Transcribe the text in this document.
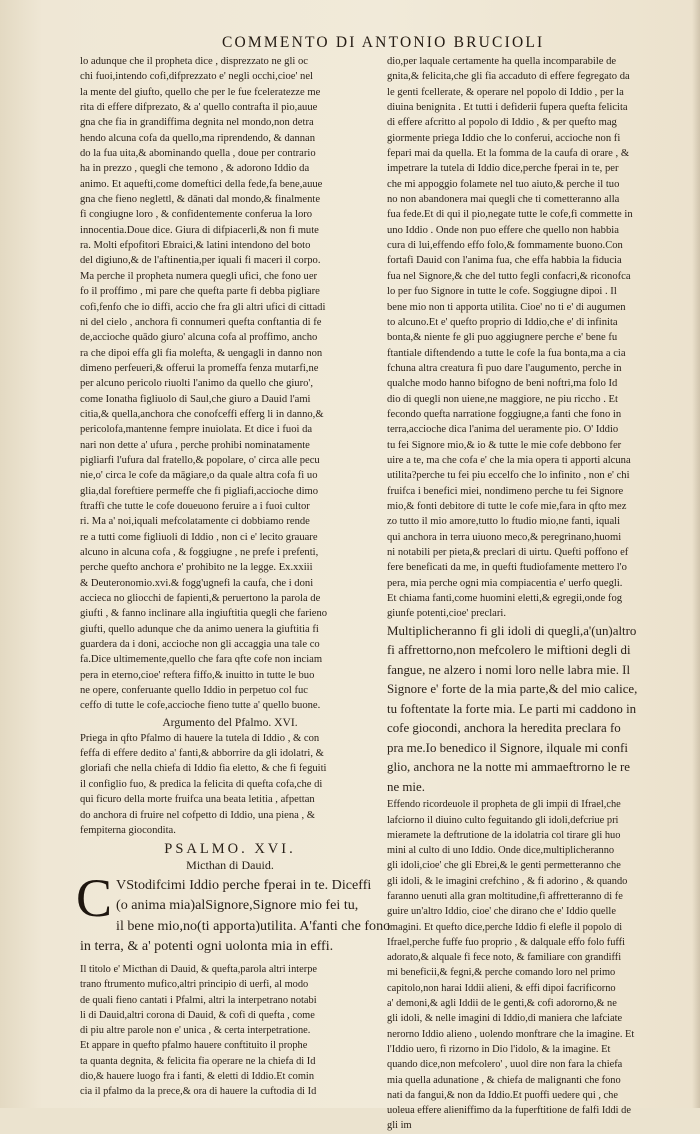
COMMENTO DI ANTONIO BRUCIOLI
lo adunque che il propheta dice , disprezzato ne gli oc
chi fuoi,intendo cofi,difprezzato e' negli occhi,cioe' nel
la mente del giufto, quello che per le fue fceleratezze me
rita di effere difprezato, & a' quello contrafta il pio,auue
gna che fia in grandiffima degnita nel mondo,non detra
hendo alcuna cofa da quello,ma riprendendo, & dannan
do la fua uita,& abominando quella , doue per contrario
ha in prezzo , quegli che temono , & adorono Iddio da
animo. Et aquefti,come domeftici della fede,fa bene,auue
gna che fieno neglettl, & dānati dal mondo,& finalmente
fi congiugne loro , & confidentemente conferua la loro
innocentia.Doue dice. Giura di difpiacerli,& non fi mute
ra. Molti efpofitori Ebraici,& latini intendono del boto
del digiuno,& de l'aftinentia,per iquali fi maceri il corpo.
Ma perche il propheta numera quegli ufici, che fono uer
fo il proffimo , mi pare che quefta parte fi debba pigliare
cofi,fenfo che io diffi, accio che fra gli altri ufici di cittadi
ni del cielo , anchora fi connumeri quefta conftantia di fe
de,accioche quādo giuro' alcuna cofa al proffimo, ancho
ra che dipoi effa gli fia molefta, & uengagli in danno non
dimeno perfeueri,& offerui la promeffa fenza mutarfi,ne
per alcuno pericolo riuolti l'animo da quello che giuro',
come Ionatha figliuolo di Saul,che giuro a Dauid l'ami
citia,& quella,anchora che conofceffi efferg li in danno,&
pericolofa,mantenne fempre inuiolata. Et dice i fuoi da
nari non dette a' ufura , perche prohibi nominatamente
pigliarfi l'ufura dal fratello,& popolare, o' circa alle pecu
nie,o' circa le cofe da māgiare,o da quale altra cofa fi uo
glia,dal foreftiere permeffe che fi pigliafi,accioche dimo
ftraffi che tutte le cofe doueuono feruire a i fuoi cultor
ri. Ma a' noi,iquali mefcolatamente ci dobbiamo rende
re a tutti come figliuoli di Iddio , non ci e' lecito grauare
alcuno in alcuna cofa , & foggiugne , ne prefe i prefenti,
perche quefto anchora e' prohibito ne la legge. Ex.xxiii
& Deuteronomio.xvi.& fogg'ugnefi la caufa, che i doni
accieca no gliocchi de fapienti,& peruertono la parola de
giufti , & fanno inclinare alla ingiuftitia quegli che farieno
giufti, quello adunque che da animo uenera la giuftitia fi
guardera da i doni, accioche non gli accaggia una tale co
fa.Dice ultimemente,quello che fara qfte cofe non inciam
pera in eterno,cioe' reftera fiffo,& inuitto in tutte le buo
ne opere, conferuante quello Iddio in perpetuo col fuc
ceffo di tutte le cofe,accioche fieno tutte a' quello buone.
Argumento del Pfalmo. XVI.
Priega in qfto Pfalmo di hauere la tutela di Iddio , & con
feffa di effere dedito a' fanti,& abborrire da gli idolatri, &
gloriafi che nella chiefa di Iddio fia eletto, & che fi feguiti
il configlio fuo, & predica la felicita di quefta cofa,che di
qui ficuro della morte fruifca una beata letitia , afpettan
do anchora di fruire nel cofpetto di Iddio, una piena , &
fempiterna giocondita.
PSALMO. XVI.
Micthan di Dauid.
C VStodifcimi Iddio perche fperai in te. Diceffi
(o anima mia)alSignore,Signore mio fei tu,
il bene mio,no(ti apporta)utilita. A'fanti che fono
in terra, & a' potenti ogni uolonta mia in effi.
Il titolo e' Micthan di Dauid, & quefta,parola altri interpe
trano ftrumento mufico,altri principio di uerfi, al modo
de quali fieno cantati i Pfalmi, altri la interpetrano notabi
li di Dauid,altri corona di Dauid, & cofi di quefta , come
di piu altre parole non e' unica , & certa interpetratione.
Et appare in quefto pfalmo hauere conftituito il prophe
ta quanta degnita, & felicita fia operare ne la chiefa di Id
dio,& hauere luogo fra i fanti, & eletti di Iddio.Et comin
cia il pfalmo da la prece,& ora di hauere la cuftodia di Id
dio,per laquale certamente ha quella incomparabile de
gnita,& felicita,che gli fia accaduto di effere fegregato da
le genti fcellerate, & operare nel popolo di Iddio , per la
diuina benignita . Et tutti i defiderii fupera quefta felicita
di effere afcritto al popolo di Iddio , & per quefto mag
giormente priega Iddio che lo conferui, accioche non fi
fepari mai da quella. Et la fomma de la caufa di orare , &
impetrare la tutela di Iddio dice,perche fperai in te, per
che mi appoggio folamete nel tuo aiuto,& perche il tuo
no non abandonera mai quegli che ti cometteranno alla
fua fede.Et di qui il pio,negate tutte le cofe,fi commette in
uno Iddio . Onde non puo effere che quello non habbia
cura di lui,effendo effo folo,& fommamente buono.Con
fortafi Dauid con l'anima fua, che effa habbia la fiducia
fua nel Signore,& che del tutto fegli confacri,& riconofca
lo per fuo Signore in tutte le cofe. Soggiugne dipoi . Il
bene mio non ti apporta utilita. Cioe' no ti e' di augumen
to alcuno.Et e' quefto proprio di Iddio,che e' di infinita
bonta,& niente fe gli puo aggiugnere perche e' bene fu
ftantiale diftendendo a tutte le cofe la fua bonta,ma a cia
fchuna altra creatura fi puo dare l'augumento, perche in
qualche modo hanno bifogno de beni noftri,ma folo Id
dio di quegli non uiene,ne maggiore, ne piu riccho . Et
fecondo quefta narratione foggiugne,a fanti che fono in
terra,accioche dica l'anima del ueramente pio. O' Iddio
tu fei Signore mio,& io & tutte le mie cofe debbono fer
uire a te, ma che cofa e' che la mia opera ti apporti alcuna
utilita?perche tu fei piu eccelfo che lo infinito , non e' chi
fruifca i benefici miei, nondimeno perche tu fei Signore
mio,& fonti debitore di tutte le cofe mie,fara in qfto mez
zo tutto il mio amore,tutto lo ftudio mio,ne fanti, iquali
qui anchora in terra uiuono meco,& peregrinano,huomi
ni notabili per pieta,& preclari di uirtu. Quefti poffono ef
fere beneficati da me, in quefti ftudiofamente mettero l'o
pera, mia perche ogni mia compiacentia e' uerfo quegli.
Et chiama fanti,come huomini eletti,& egregii,onde fog
giunfe potenti,cioe' preclari.
Multiplicheranno fi gli idoli di quegli,a'(un)altro
fi affrettorno,non mefcolero le miftioni degli di
fangue, ne alzero i nomi loro nelle labra mie. Il
Signore e' forte de la mia parte,& del mio calice,
tu foftentate la forte mia. Le parti mi caddono in
cofe giocondi, anchora la heredita preclara fo
pra me.Io benedico il Signore, ilquale mi confi
glio, anchora ne la notte mi ammaeftrorno le re
ne mie.
Effendo ricordeuole il propheta de gli impii di Ifrael,che
lafciorno il diuino culto feguitando gli idoli,defcriue pri
mieramete la deftrutione de la idolatria col tirare gli huo
mini al culto di uno Iddio. Onde dice,multiplicheranno
gli idoli,cioe' che gli Ebrei,& le genti permetteranno che
gli idoli, & le imagini crefchino , & fi adorino , & quando
faranno uenuti alla gran moltitudine,fi affretteranno di fe
guire un'altro Iddio, cioe' che dirano che e' Iddio quelle
imagini. Et quefto dice,perche Iddio fi elefle il popolo di
Ifrael,perche fuffe fuo proprio , & dalquale effo folo fuffi
adorato,& alquale fi fece noto, & familiare con grandiffi
mi beneficii,& fegni,& perche comando loro nel primo
capitolo,non harai Iddii alieni, & effi dipoi facrificorno
a' demoni,& agli Iddii de le genti,& cofi adororno,& ne
gli idoli, & nelle imagini di Iddio,di maniera che lafciate
nerorno Iddio alieno , uolendo monftrare che la imagine. Et
l'Iddio uero, fi rizorno in Dio l'idolo, & la imagine. Et
quando dice,non mefcolero' , uuol dire non fara la chiefa
mia quella adunatione , & chiefa de malignanti che fono
nati da fangui,& non da Iddio.Et puoffi uedere qui , che
uoleua effere alieniffimo da la fuperftitione de falfi Iddi de
gli im
